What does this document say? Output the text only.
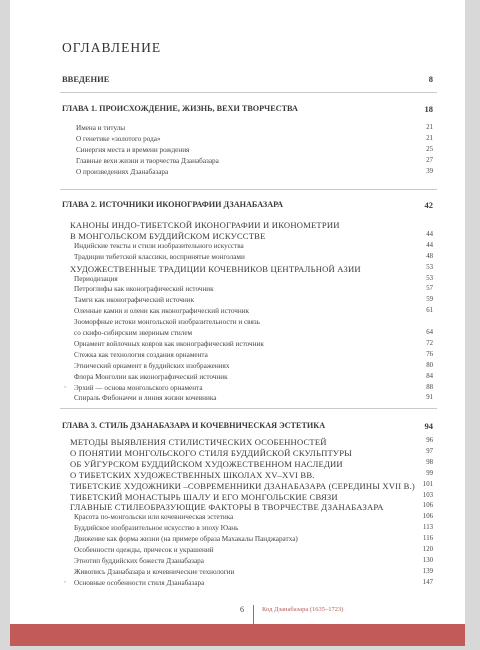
ОГЛАВЛЕНИЕ
ВВЕДЕНИЕ	8
ГЛАВА 1. ПРОИСХОЖДЕНИЕ, ЖИЗНЬ, ВЕХИ ТВОРЧЕСТВА	18
Имена и титулы	21
О генетике «золотого рода»	21
Синергия места и времени рождения	25
Главные вехи жизни и творчества Дзанабазара	27
О произведениях Дзанабазара	39
ГЛАВА 2. ИСТОЧНИКИ ИКОНОГРАФИИ ДЗАНАБАЗАРА	42
КАНОНЫ ИНДО-ТИБЕТСКОЙ ИКОНОГРАФИИ И ИКОНОМЕТРИИ
В МОНГОЛЬСКОМ БУДДИЙСКОМ ИСКУССТВЕ	44
Индийские тексты и стили изобразительного искусства	44
Традиции тибетской классики, воспринятые монголами	48
ХУДОЖЕСТВЕННЫЕ ТРАДИЦИИ КОЧЕВНИКОВ ЦЕНТРАЛЬНОЙ АЗИИ	53
Периодизация	53
Петроглифы как иконографический источник	57
Тамги как иконографический источник	59
Оленные камни и олени как иконографический источник	61
Зооморфные истоки монгольской изобразительности и связь
со скифо-сибирским звериным стилем	64
Орнамент войлочных ковров как иконографический источник	72
Стежка как технология создания орнамента	76
Этнический орнамент в буддийских изображениях	80
Флора Монголии как иконографический источник	84
› Эрхий — основа монгольского орнамента	88
Спираль Фибоначчи и линия жизни кочевника	91
ГЛАВА 3. СТИЛЬ ДЗАНАБАЗАРА И КОЧЕВНИЧЕСКАЯ ЭСТЕТИКА	94
МЕТОДЫ ВЫЯВЛЕНИЯ СТИЛИСТИЧЕСКИХ ОСОБЕННОСТЕЙ	96
О ПОНЯТИИ МОНГОЛЬСКОГО СТИЛЯ БУДДИЙСКОЙ СКУЛЬПТУРЫ	97
ОБ УЙГУРСКОМ БУДДИЙСКОМ ХУДОЖЕСТВЕННОМ НАСЛЕДИИ	98
О ТИБЕТСКИХ ХУДОЖЕСТВЕННЫХ ШКОЛАХ XV–XVI ВВ.	99
ТИБЕТСКИЕ ХУДОЖНИКИ –СОВРЕМЕННИКИ ДЗАНАБАЗАРА (СЕРЕДИНЫ XVII В.) 101
ТИБЕТСКИЙ МОНАСТЫРЬ ШАЛУ И ЕГО МОНГОЛЬСКИЕ СВЯЗИ	103
ГЛАВНЫЕ СТИЛЕОБРАЗУЮЩИЕ ФАКТОРЫ В ТВОРЧЕСТВЕ ДЗАНАБАЗАРА	106
Красота по-монгольски или кочевническая эстетика	106
Буддийское изобразительное искусство в эпоху Юань	113
Движение как форма жизни (на примере образа Махакалы Панджаратха)	116
Особенности одежды, причесок и украшений	120
Этнотип буддийских божеств Дзанабазара	130
Живопись Дзанабазара и кочевнические технологии	139
› Основные особенности стиля Дзанабазара	147
6	Код Дзанабазара (1635–1723)
